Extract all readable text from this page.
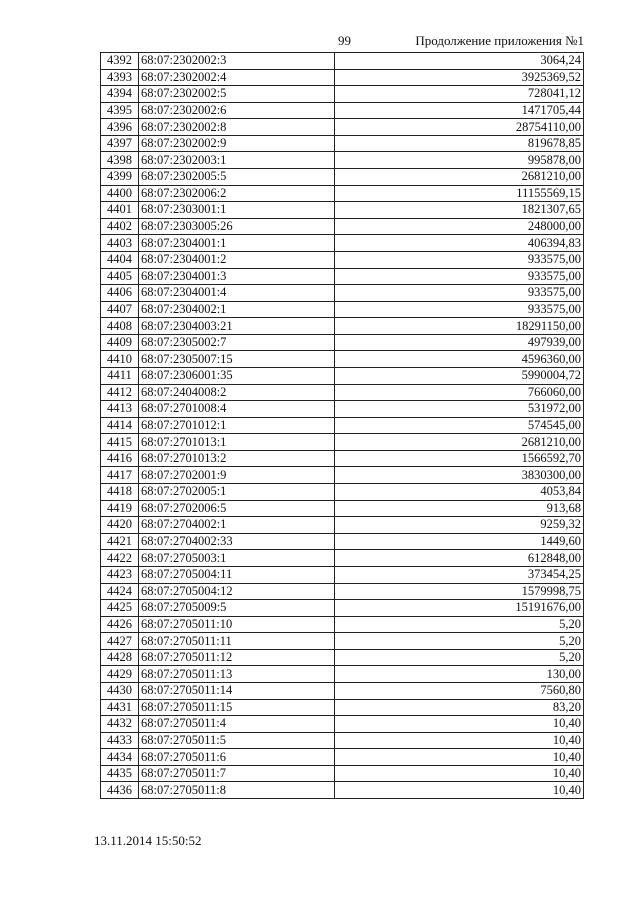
99	Продолжение приложения №1
4392	68:07:2302002:3	3064,24
4393	68:07:2302002:4	3925369,52
4394	68:07:2302002:5	728041,12
4395	68:07:2302002:6	1471705,44
4396	68:07:2302002:8	28754110,00
4397	68:07:2302002:9	819678,85
4398	68:07:2302003:1	995878,00
4399	68:07:2302005:5	2681210,00
4400	68:07:2302006:2	11155569,15
4401	68:07:2303001:1	1821307,65
4402	68:07:2303005:26	248000,00
4403	68:07:2304001:1	406394,83
4404	68:07:2304001:2	933575,00
4405	68:07:2304001:3	933575,00
4406	68:07:2304001:4	933575,00
4407	68:07:2304002:1	933575,00
4408	68:07:2304003:21	18291150,00
4409	68:07:2305002:7	497939,00
4410	68:07:2305007:15	4596360,00
4411	68:07:2306001:35	5990004,72
4412	68:07:2404008:2	766060,00
4413	68:07:2701008:4	531972,00
4414	68:07:2701012:1	574545,00
4415	68:07:2701013:1	2681210,00
4416	68:07:2701013:2	1566592,70
4417	68:07:2702001:9	3830300,00
4418	68:07:2702005:1	4053,84
4419	68:07:2702006:5	913,68
4420	68:07:2704002:1	9259,32
4421	68:07:2704002:33	1449,60
4422	68:07:2705003:1	612848,00
4423	68:07:2705004:11	373454,25
4424	68:07:2705004:12	1579998,75
4425	68:07:2705009:5	15191676,00
4426	68:07:2705011:10	5,20
4427	68:07:2705011:11	5,20
4428	68:07:2705011:12	5,20
4429	68:07:2705011:13	130,00
4430	68:07:2705011:14	7560,80
4431	68:07:2705011:15	83,20
4432	68:07:2705011:4	10,40
4433	68:07:2705011:5	10,40
4434	68:07:2705011:6	10,40
4435	68:07:2705011:7	10,40
4436	68:07:2705011:8	10,40
13.11.2014 15:50:52
